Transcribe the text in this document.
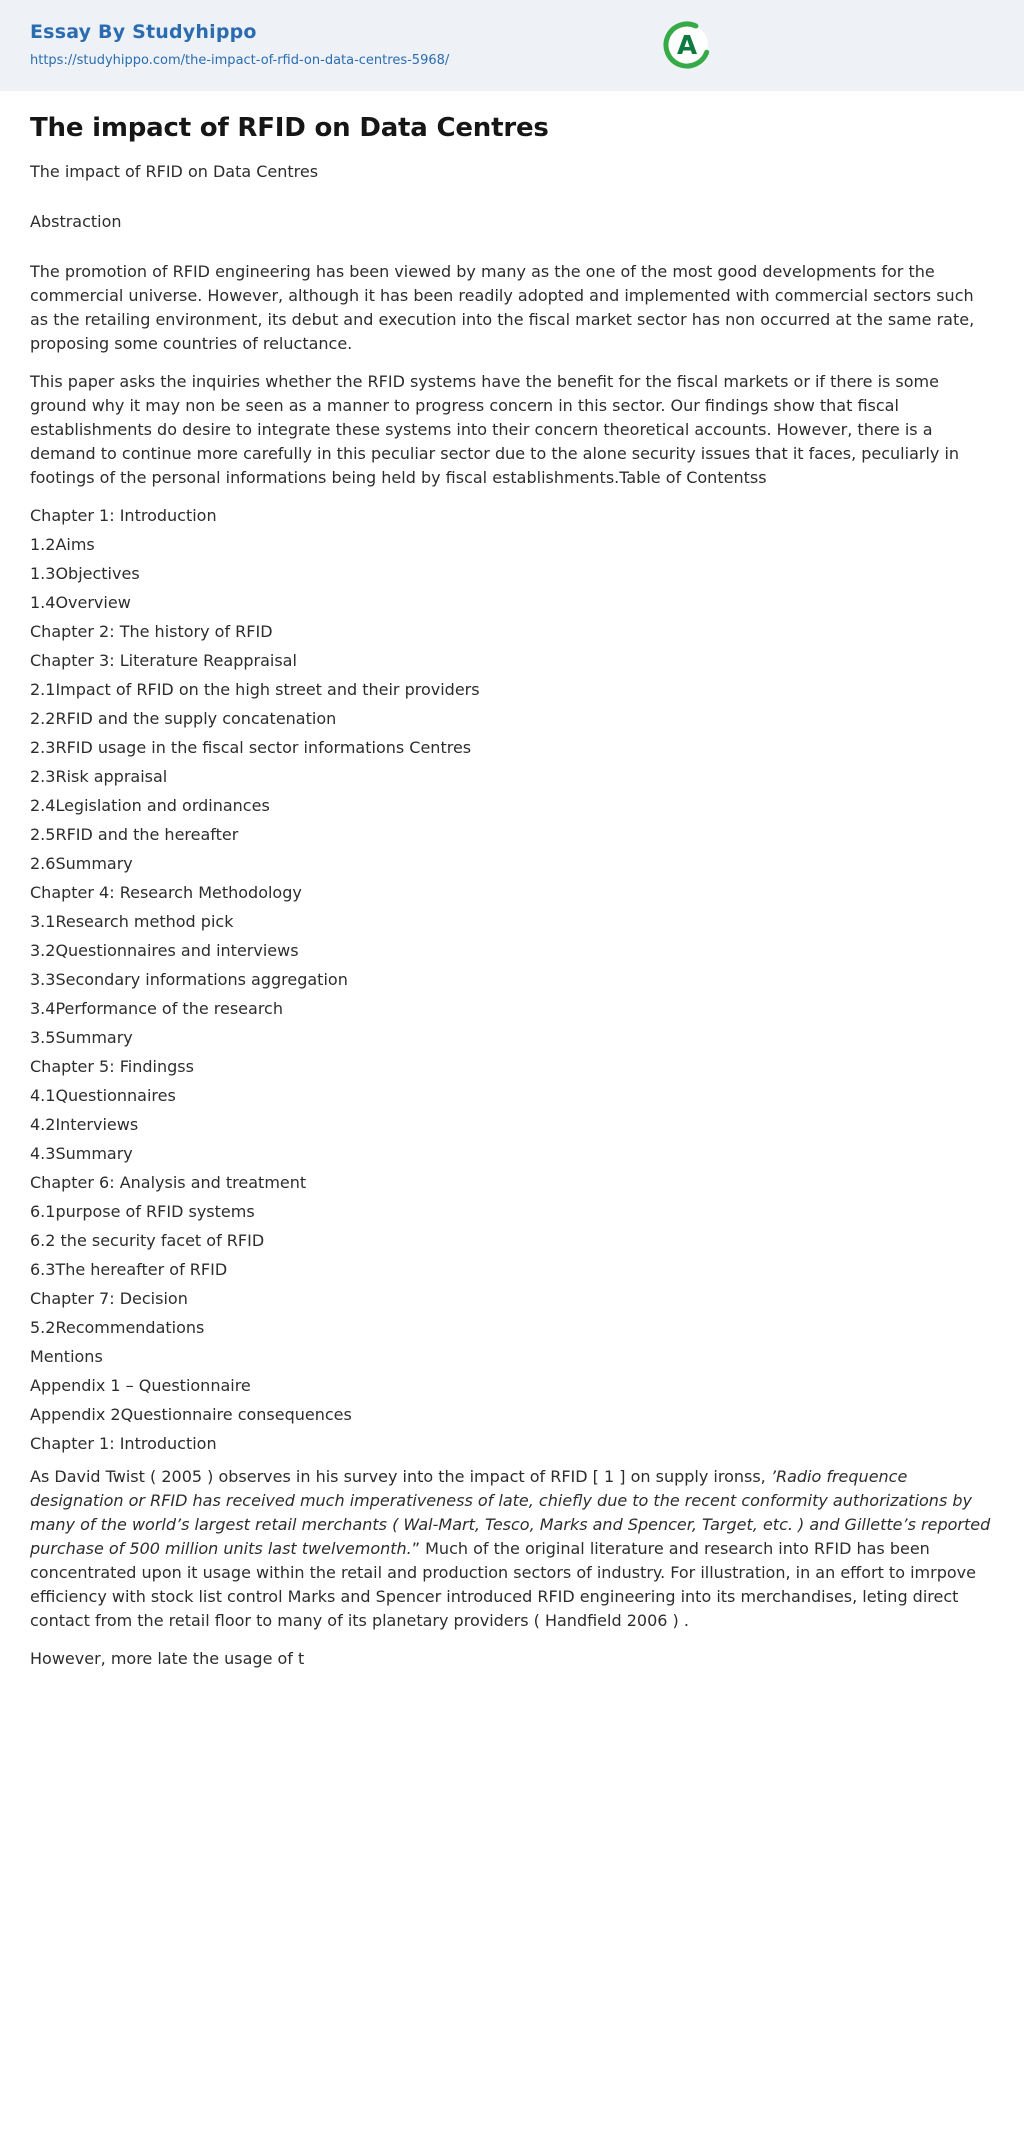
Essay By Studyhippo
https://studyhippo.com/the-impact-of-rfid-on-data-centres-5968/	A
The impact of RFID on Data Centres

The impact of RFID on Data Centres

Abstraction

The promotion of RFID engineering has been viewed by many as the one of the most good developments for the commercial universe. However, although it has been readily adopted and implemented with commercial sectors such as the retailing environment, its debut and execution into the fiscal market sector has non occurred at the same rate, proposing some countries of reluctance.

This paper asks the inquiries whether the RFID systems have the benefit for the fiscal markets or if there is some ground why it may non be seen as a manner to progress concern in this sector. Our findings show that fiscal establishments do desire to integrate these systems into their concern theoretical accounts. However, there is a demand to continue more carefully in this peculiar sector due to the alone security issues that it faces, peculiarly in footings of the personal informations being held by fiscal establishments.Table of Contentss

Chapter 1: Introduction

1.2Aims

1.3Objectives

1.4Overview

Chapter 2: The history of RFID

Chapter 3: Literature Reappraisal

2.1Impact of RFID on the high street and their providers

2.2RFID and the supply concatenation

2.3RFID usage in the fiscal sector informations Centres

2.3Risk appraisal

2.4Legislation and ordinances

2.5RFID and the hereafter

2.6Summary

Chapter 4: Research Methodology

3.1Research method pick

3.2Questionnaires and interviews

3.3Secondary informations aggregation

3.4Performance of the research

3.5Summary

Chapter 5: Findingss

4.1Questionnaires

4.2Interviews

4.3Summary

Chapter 6: Analysis and treatment

6.1purpose of RFID systems

6.2 the security facet of RFID

6.3The hereafter of RFID

Chapter 7: Decision

5.2Recommendations

Mentions

Appendix 1 – Questionnaire

Appendix 2Questionnaire consequences

Chapter 1: Introduction

As David Twist ( 2005 ) observes in his survey into the impact of RFID [ 1 ] on supply ironss, ’Radio frequence designation or RFID has received much imperativeness of late, chiefly due to the recent conformity authorizations by many of the world’s largest retail merchants ( Wal-Mart, Tesco, Marks and Spencer, Target, etc. ) and Gillette’s reported purchase of 500 million units last twelvemonth.” Much of the original literature and research into RFID has been concentrated upon it usage within the retail and production sectors of industry. For illustration, in an effort to imrpove efficiency with stock list control Marks and Spencer introduced RFID engineering into its merchandises, leting direct contact from the retail floor to many of its planetary providers ( Handfield 2006 ) .

However, more late the usage of t
